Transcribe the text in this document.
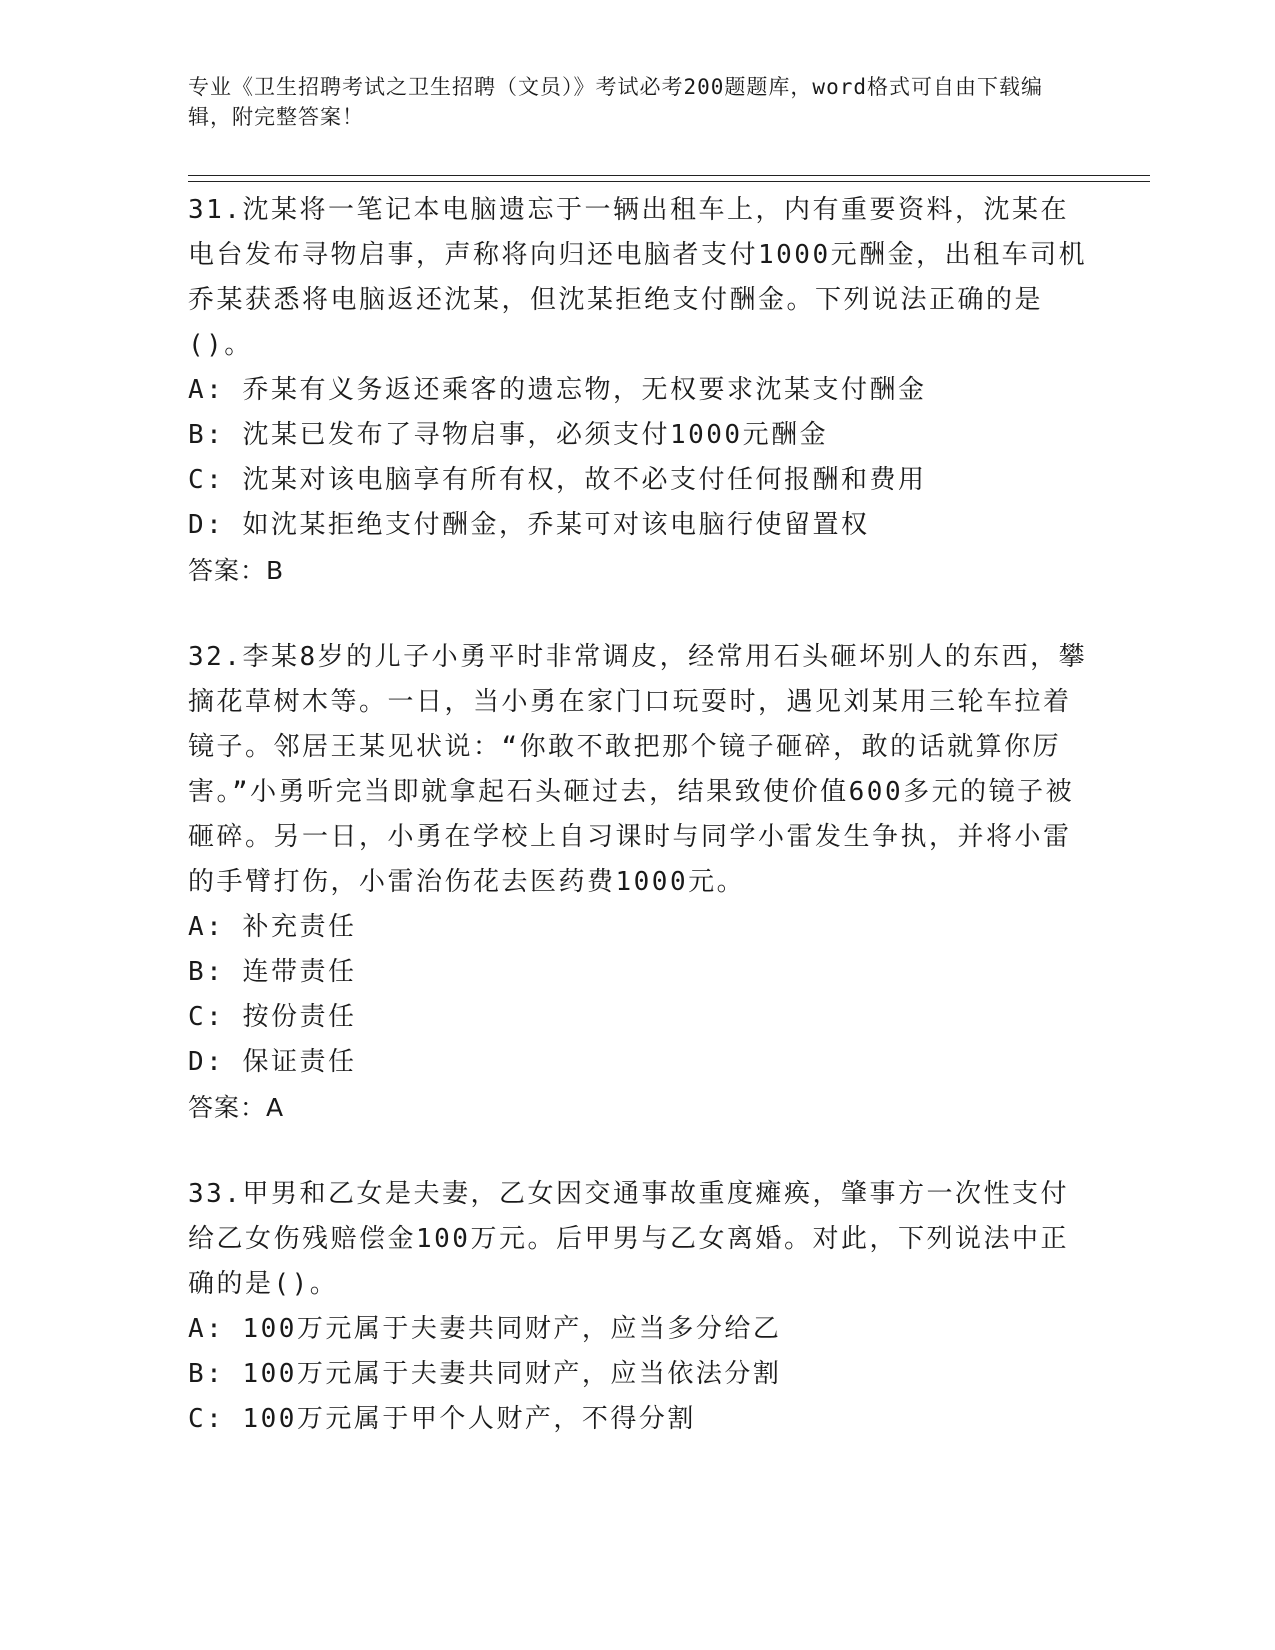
专业《卫生招聘考试之卫生招聘（文员）》考试必考200题题库，word格式可自由下载编辑，附完整答案！
31.沈某将一笔记本电脑遗忘于一辆出租车上，内有重要资料，沈某在电台发布寻物启事，声称将向归还电脑者支付1000元酬金，出租车司机乔某获悉将电脑返还沈某，但沈某拒绝支付酬金。下列说法正确的是()。
A: 乔某有义务返还乘客的遗忘物，无权要求沈某支付酬金
B: 沈某已发布了寻物启事，必须支付1000元酬金
C: 沈某对该电脑享有所有权，故不必支付任何报酬和费用
D: 如沈某拒绝支付酬金，乔某可对该电脑行使留置权
答案：B
32.李某8岁的儿子小勇平时非常调皮，经常用石头砸坏别人的东西，攀摘花草树木等。一日，当小勇在家门口玩耍时，遇见刘某用三轮车拉着镜子。邻居王某见状说：“你敢不敢把那个镜子砸碎，敢的话就算你厉害。”小勇听完当即就拿起石头砸过去，结果致使价值600多元的镜子被砸碎。另一日，小勇在学校上自习课时与同学小雷发生争执，并将小雷的手臂打伤，小雷治伤花去医药费1000元。
A: 补充责任
B: 连带责任
C: 按份责任
D: 保证责任
答案：A
33.甲男和乙女是夫妻，乙女因交通事故重度瘫痪，肇事方一次性支付给乙女伤残赔偿金100万元。后甲男与乙女离婚。对此，下列说法中正确的是()。
A: 100万元属于夫妻共同财产，应当多分给乙
B: 100万元属于夫妻共同财产，应当依法分割
C: 100万元属于甲个人财产，不得分割
